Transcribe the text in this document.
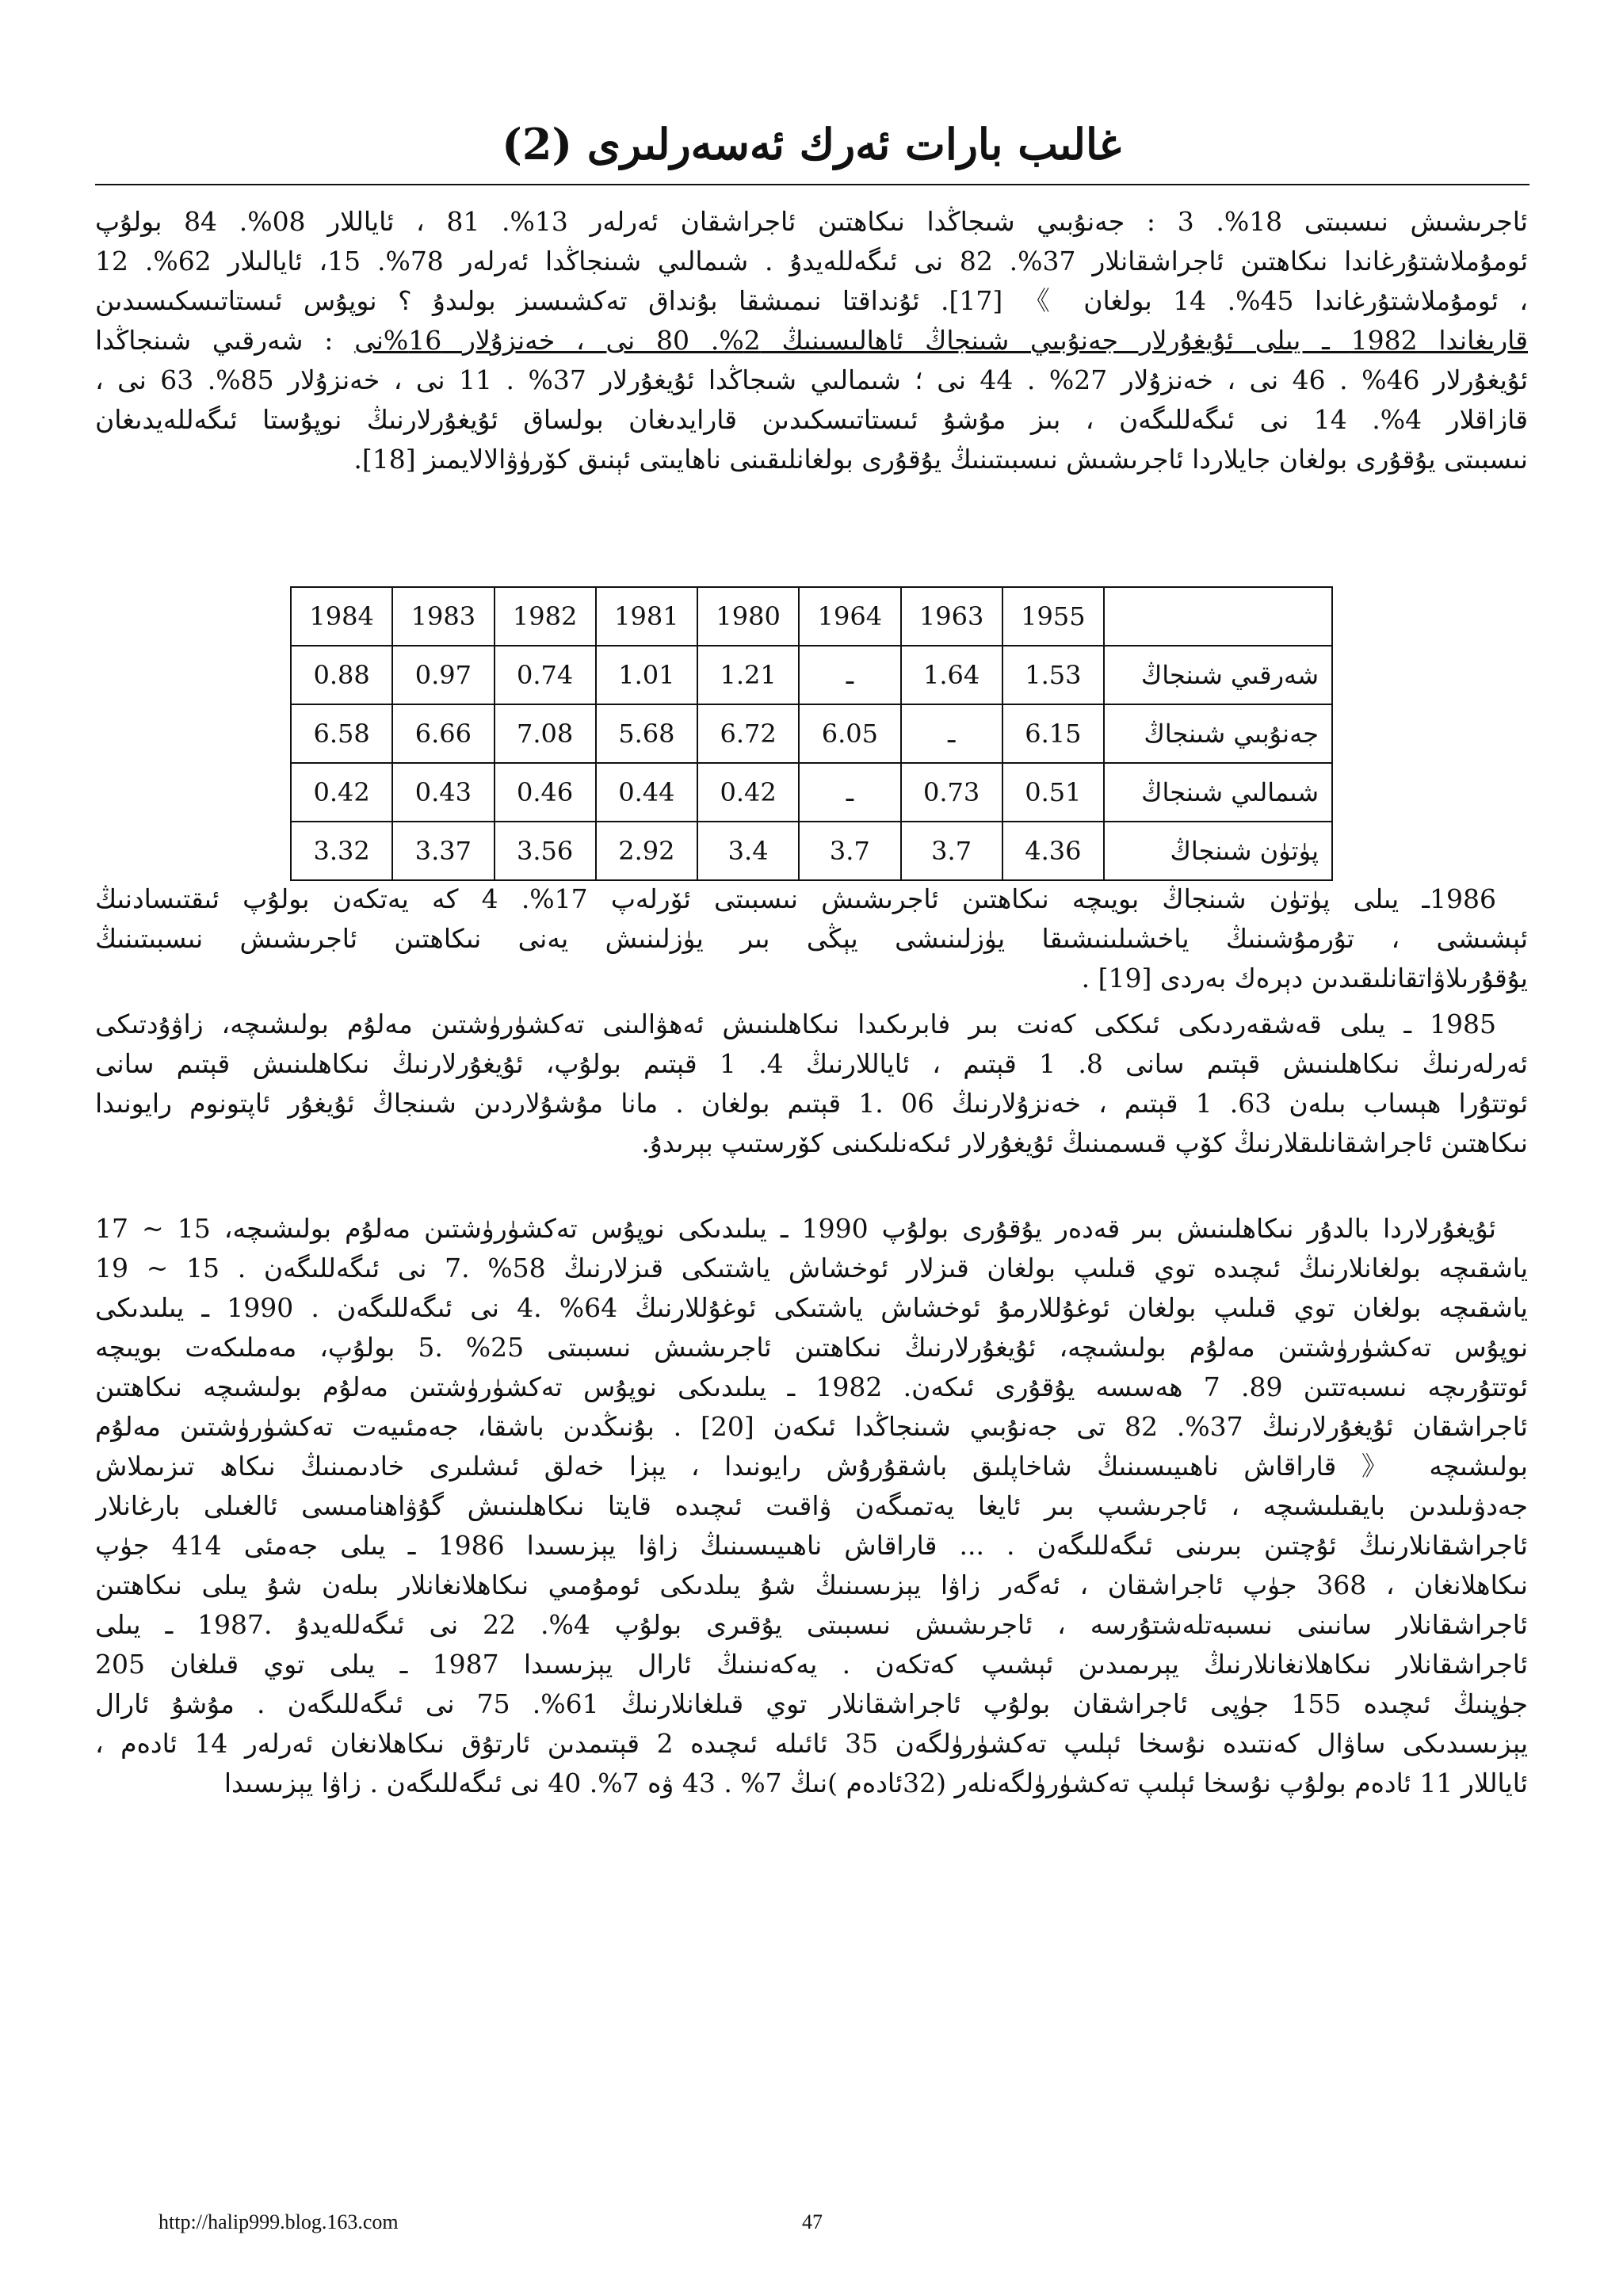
غالىب بارات ئەرك ئەسەرلىرى (2)
ئاجرىشىش نىسبىتى 18%. 3 : جەنۇبىي شىجاڭدا نىكاھتىن ئاجراشقان ئەرلەر 13%. 81 ، ئاياللار 08%. 84 بولۇپ
ئومۇملاشتۇرغاندا نىكاھتىن ئاجراشقانلار 37%. 82 نى ئىگەللەيدۇ . شىمالىي شىنجاڭدا ئەرلەر 78%. 15، ئايالىلار 62%. 12
، ئومۇملاشتۇرغاندا 45%. 14 بولغان 》 [17]. ئۇنداقتا نىمىشقا بۇنداق تەكشىسىز بولىدۇ ؟ نوپۇس ئىستاتىسكىسىدىن
قارىغاندا 1982 ـ يىلى ئۇيغۇرلار جەنۇبىي شىنجاڭ ئاھالىسىنىڭ 2%. 80 نى ، خەنزۇلار 16%نى : شەرقىي شىنجاڭدا
ئۇيغۇرلار 46% . 46 نى ، خەنزۇلار 27% . 44 نى ؛ شىمالىي شىجاڭدا ئۇيغۇرلار 37% . 11 نى ، خەنزۇلار 85%. 63 نى ،
قازاقلار 4%. 14 نى ئىگەللىگەن ، بىز مۇشۇ ئىستاتىسكىدىن قارايدىغان بولساق ئۇيغۇرلارنىڭ نوپۇستا ئىگەللەيدىغان
نىسبىتى يۇقۇرى بولغان جايلاردا ئاجرىشىش نىسبىتىنىڭ يۇقۇرى بولغانلىقىنى ناھايىتى ئېنىق كۆرۈۋالالايمىز [18].
1984	1983	1982	1981	1980	1964	1963	1955	
0.88	0.97	0.74	1.01	1.21	ـ	1.64	1.53	شەرقىي شىنجاڭ
6.58	6.66	7.08	5.68	6.72	6.05	ـ	6.15	جەنۇبىي شىنجاڭ
0.42	0.43	0.46	0.44	0.42	ـ	0.73	0.51	شىمالىي شىنجاڭ
3.32	3.37	3.56	2.92	3.4	3.7	3.7	4.36	پۈتۈن شىنجاڭ
1986ـ يىلى پۈتۈن شىنجاڭ بويىچە نىكاھتىن ئاجرىشىش نىسبىتى ئۆرلەپ 17%. 4 كە يەتكەن بولۇپ ئىقتىسادنىڭ
ئېشىشى ، تۇرمۇشىنىڭ ياخشىلىنىشىقا يۈزلىنىشى يېڭى بىر يۈزلىنىش يەنى نىكاھتىن ئاجرىشىش نىسبىتىنىڭ
يۇقۇرىلاۋاتقانلىقىدىن دېرەك بەردى [19] .
1985 ـ يىلى قەشقەردىكى ئىككى كەنت بىر فابرىكىدا نىكاھلىنىش ئەھۋالىنى تەكشۈرۈشتىن مەلۇم بولىشىچە، زاۋۇدتىكى
ئەرلەرنىڭ نىكاھلىنىش قېتىم سانى 8. 1 قېتىم ، ئاياللارنىڭ 4. 1 قېتىم بولۇپ، ئۇيغۇرلارنىڭ نىكاھلىنىش قېتىم سانى
ئوتتۇرا ھېساب بىلەن 63. 1 قېتىم ، خەنزۇلارنىڭ 06 .1 قېتىم بولغان . مانا مۇشۇلاردىن شىنجاڭ ئۇيغۇر ئاپتونوم رايونىدا
نىكاھتىن ئاجراشقانلىقلارنىڭ كۆپ قىسمىنىڭ ئۇيغۇرلار ئىكەنلىكىنى كۆرستىپ بېرىدۇ.
ئۇيغۇرلاردا بالدۇر نىكاھلىنىش بىر قەدەر يۇقۇرى بولۇپ 1990 ـ يىلىدىكى نوپۇس تەكشۈرۈشتىن مەلۇم بولىشىچە، 15 ~ 17
ياشقىچە بولغانلارنىڭ ئىچىدە توي قىلىپ بولغان قىزلار ئوخشاش ياشتىكى قىزلارنىڭ 58% .7 نى ئىگەللىگەن . 15 ~ 19
ياشقىچە بولغان توي قىلىپ بولغان ئوغۇللارمۇ ئوخشاش ياشتىكى ئوغۇللارنىڭ 64% .4 نى ئىگەللىگەن . 1990 ـ يىلىدىكى
نوپۇس تەكشۈرۈشتىن مەلۇم بولىشىچە، ئۇيغۇرلارنىڭ نىكاھتىن ئاجرىشىش نىسبىتى 25% .5 بولۇپ، مەملىكەت بويىچە
ئوتتۇرىچە نىسبەتتىن 89. 7 ھەسسە يۇقۇرى ئىكەن. 1982 ـ يىلىدىكى نوپۇس تەكشۈرۈشتىن مەلۇم بولىشىچە نىكاھتىن
ئاجراشقان ئۇيغۇرلارنىڭ 37%. 82 تى جەنۇبىي شىنجاڭدا ئىكەن [20] . بۇنىڭدىن باشقا، جەمئىيەت تەكشۈرۈشتىن مەلۇم
بولىشىچە 《 قاراقاش ناھىيىسىنىڭ شاخاپلىق باشقۇرۇش رايونىدا ، يېزا خەلق ئىشلىرى خادىمىنىڭ نىكاھ تىزىملاش
جەدۋىلىدىن بايقىلىشىچە ، ئاجرىشىپ بىر ئايغا يەتمىگەن ۋاقىت ئىچىدە قايتا نىكاھلىنىش گۇۋاھنامىسى ئالغىلى بارغانلار
ئاجراشقانلارنىڭ ئۇچتىن بىرىنى ئىگەللىگەن . ... قاراقاش ناھىيىسىنىڭ زاۋا يېزىسىدا 1986 ـ يىلى جەمئى 414 جۈپ
نىكاھلانغان ، 368 جۈپ ئاجراشقان ، ئەگەر زاۋا يېزىسىنىڭ شۇ يىلدىكى ئومۇمىي نىكاھلانغانلار بىلەن شۇ يىلى نىكاھتىن
ئاجراشقانلار سانىنى نىسبەتلەشتۇرسە ، ئاجرىشىش نىسبىتى يۇقىرى بولۇپ 4%. 22 نى ئىگەللەيدۇ .1987 ـ يىلى
ئاجراشقانلار نىكاھلانغانلارنىڭ يېرىمىدىن ئېشىپ كەتكەن . يەكەنىنىڭ ئارال يېزىسىدا 1987 ـ يىلى توي قىلغان 205
جۈپنىڭ ئىچىدە 155 جۈپى ئاجراشقان بولۇپ ئاجراشقانلار توي قىلغانلارنىڭ 61%. 75 نى ئىگەللىگەن . مۇشۇ ئارال
يېزىسىدىكى ساۋال كەنتىدە نۇسخا ئېلىپ تەكشۈرۈلگەن 35 ئائىلە ئىچىدە 2 قېتىمدىن ئارتۇق نىكاھلانغان ئەرلەر 14 ئادەم ،
ئاياللار 11 ئادەم بولۇپ نۇسخا ئېلىپ تەكشۈرۈلگەنلەر (32ئادەم )نىڭ 7% . 43 ۋە 7%. 40 نى ئىگەللىگەن . زاۋا يېزىسىدا
http://halip999.blog.163.com	47
